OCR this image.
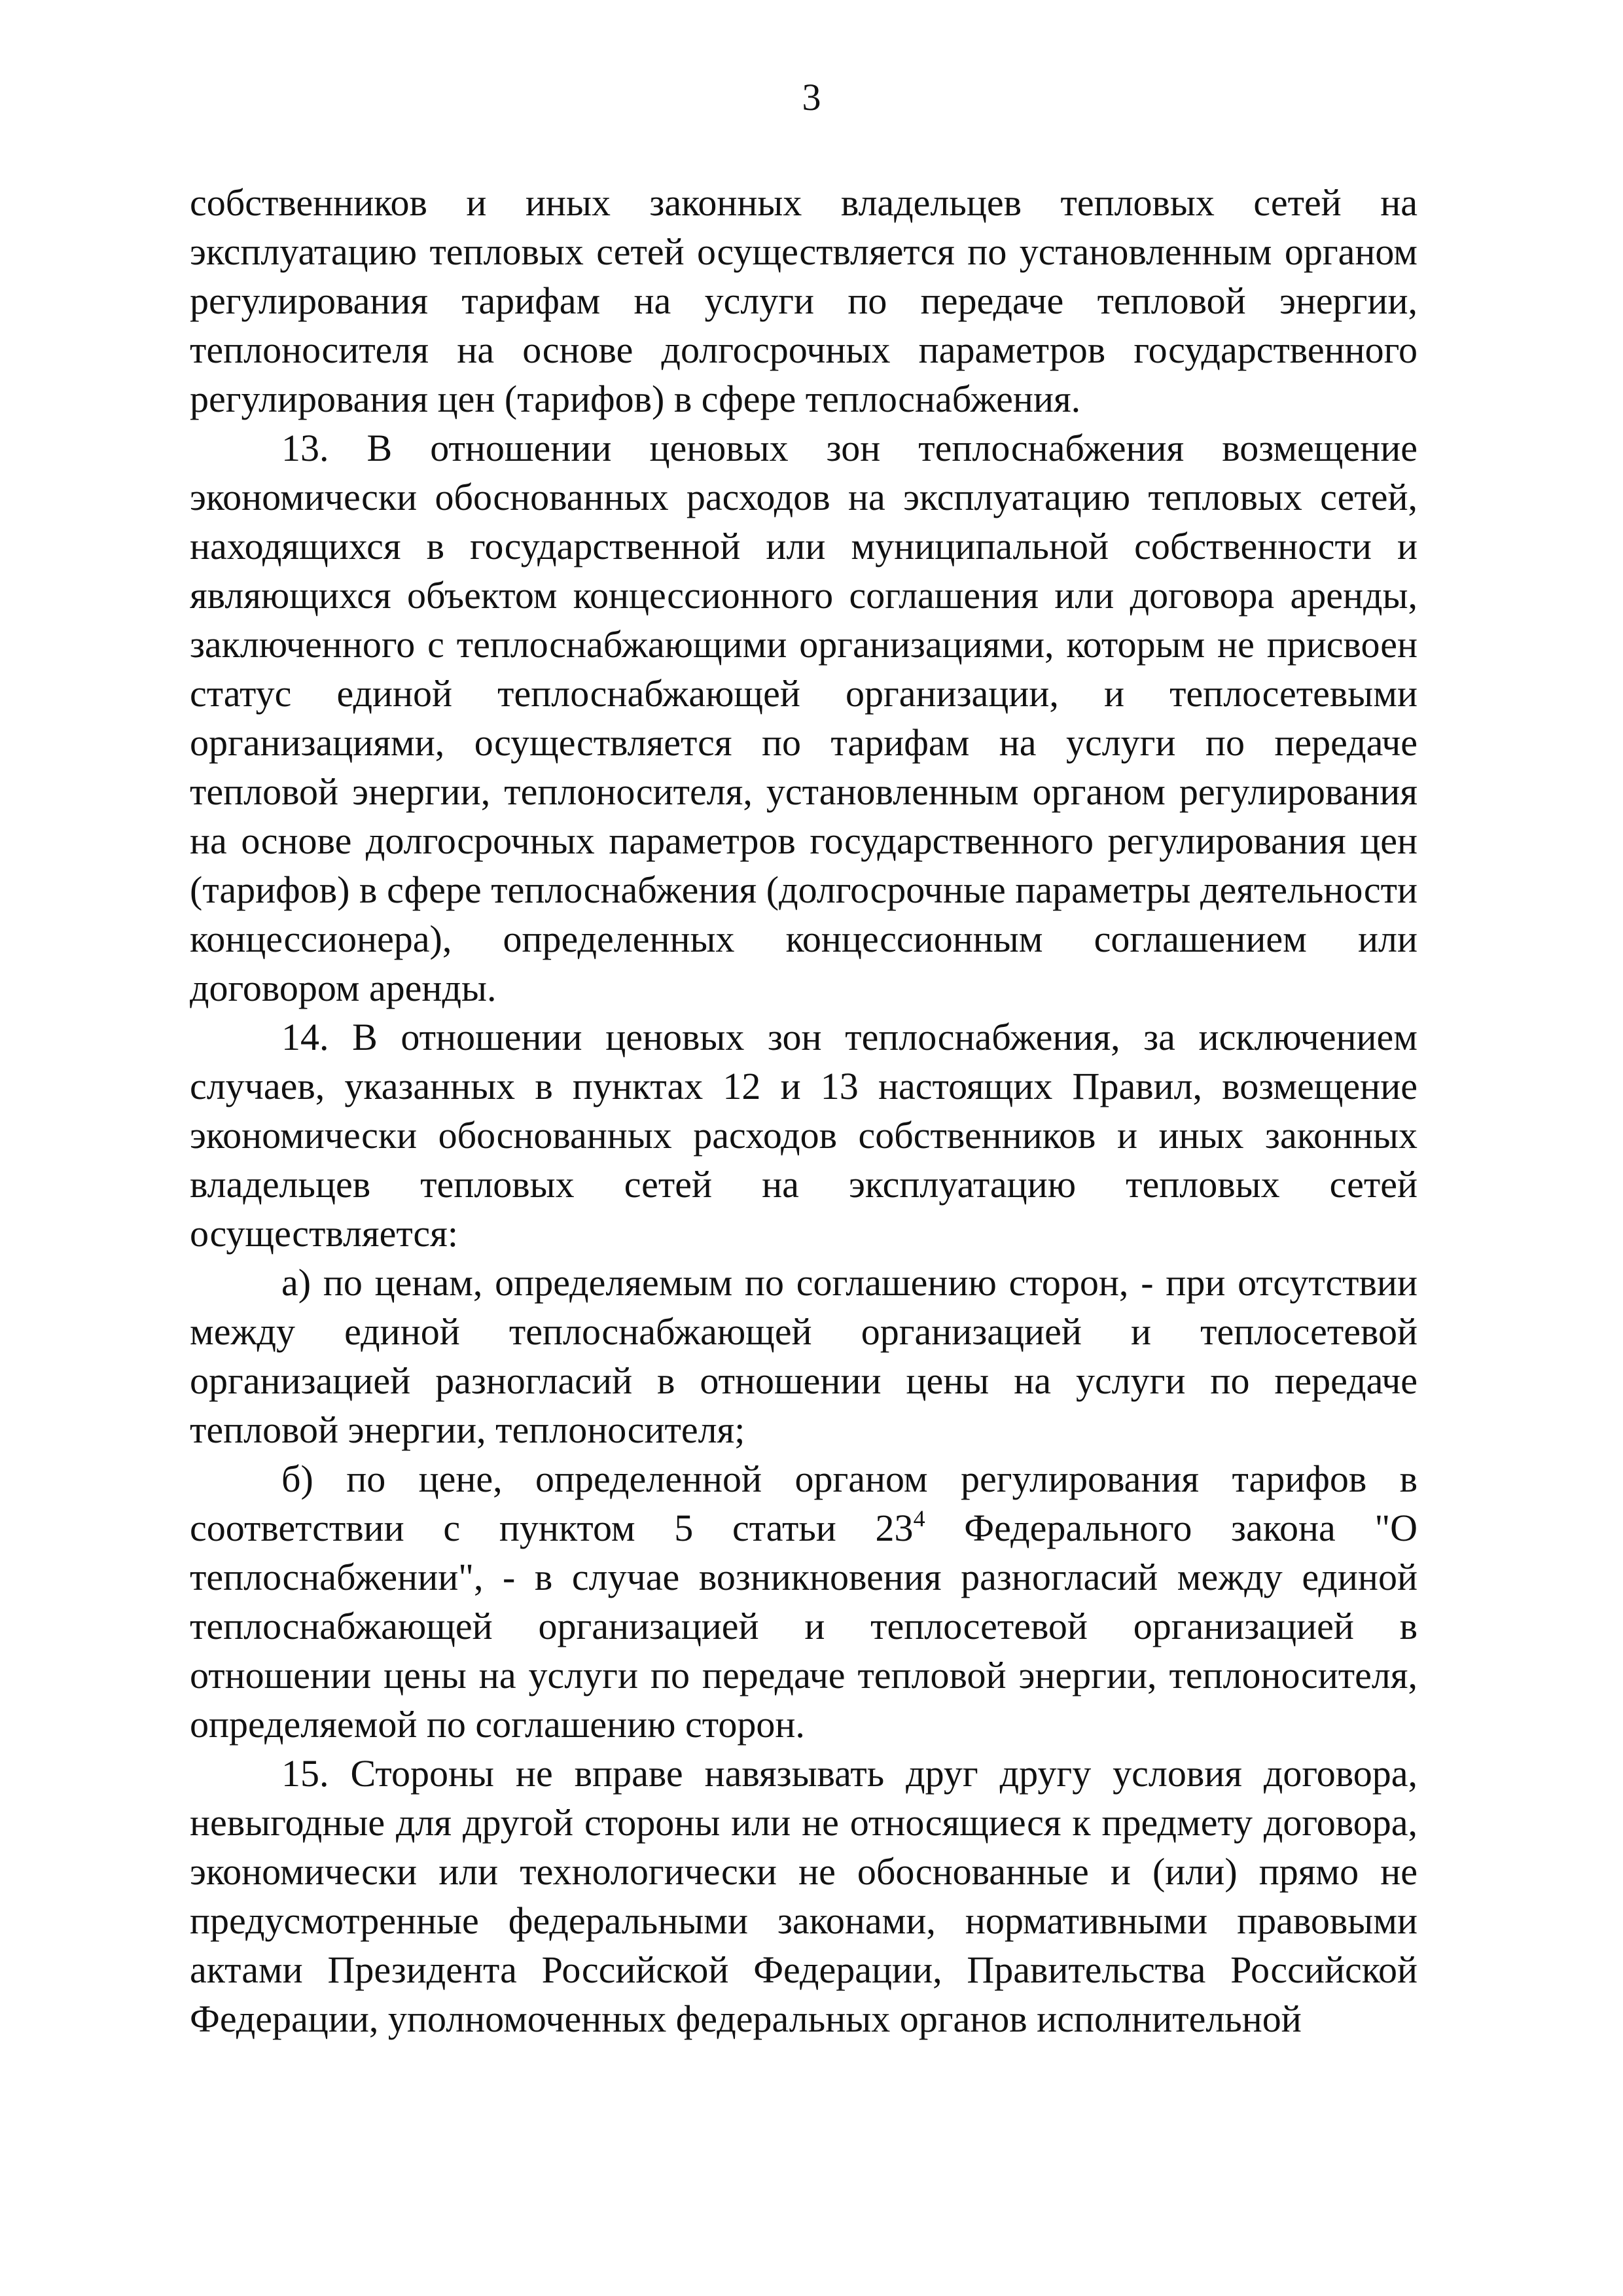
3

собственников и иных законных владельцев тепловых сетей на эксплуатацию тепловых сетей осуществляется по установленным органом регулирования тарифам на услуги по передаче тепловой энергии, теплоносителя на основе долгосрочных параметров государственного регулирования цен (тарифов) в сфере теплоснабжения.

13. В отношении ценовых зон теплоснабжения возмещение экономически обоснованных расходов на эксплуатацию тепловых сетей, находящихся в государственной или муниципальной собственности и являющихся объектом концессионного соглашения или договора аренды, заключенного с теплоснабжающими организациями, которым не присвоен статус единой теплоснабжающей организации, и теплосетевыми организациями, осуществляется по тарифам на услуги по передаче тепловой энергии, теплоносителя, установленным органом регулирования на основе долгосрочных параметров государственного регулирования цен (тарифов) в сфере теплоснабжения (долгосрочные параметры деятельности концессионера), определенных концессионным соглашением или договором аренды.

14. В отношении ценовых зон теплоснабжения, за исключением случаев, указанных в пунктах 12 и 13 настоящих Правил, возмещение экономически обоснованных расходов собственников и иных законных владельцев тепловых сетей на эксплуатацию тепловых сетей осуществляется:

а) по ценам, определяемым по соглашению сторон, - при отсутствии между единой теплоснабжающей организацией и теплосетевой организацией разногласий в отношении цены на услуги по передаче тепловой энергии, теплоносителя;

б) по цене, определенной органом регулирования тарифов в соответствии с пунктом 5 статьи $23^4$ Федерального закона "О теплоснабжении", - в случае возникновения разногласий между единой теплоснабжающей организацией и теплосетевой организацией в отношении цены на услуги по передаче тепловой энергии, теплоносителя, определяемой по соглашению сторон.

15. Стороны не вправе навязывать друг другу условия договора, невыгодные для другой стороны или не относящиеся к предмету договора, экономически или технологически не обоснованные и (или) прямо не предусмотренные федеральными законами, нормативными правовыми актами Президента Российской Федерации, Правительства Российской Федерации, уполномоченных федеральных органов исполнительной
